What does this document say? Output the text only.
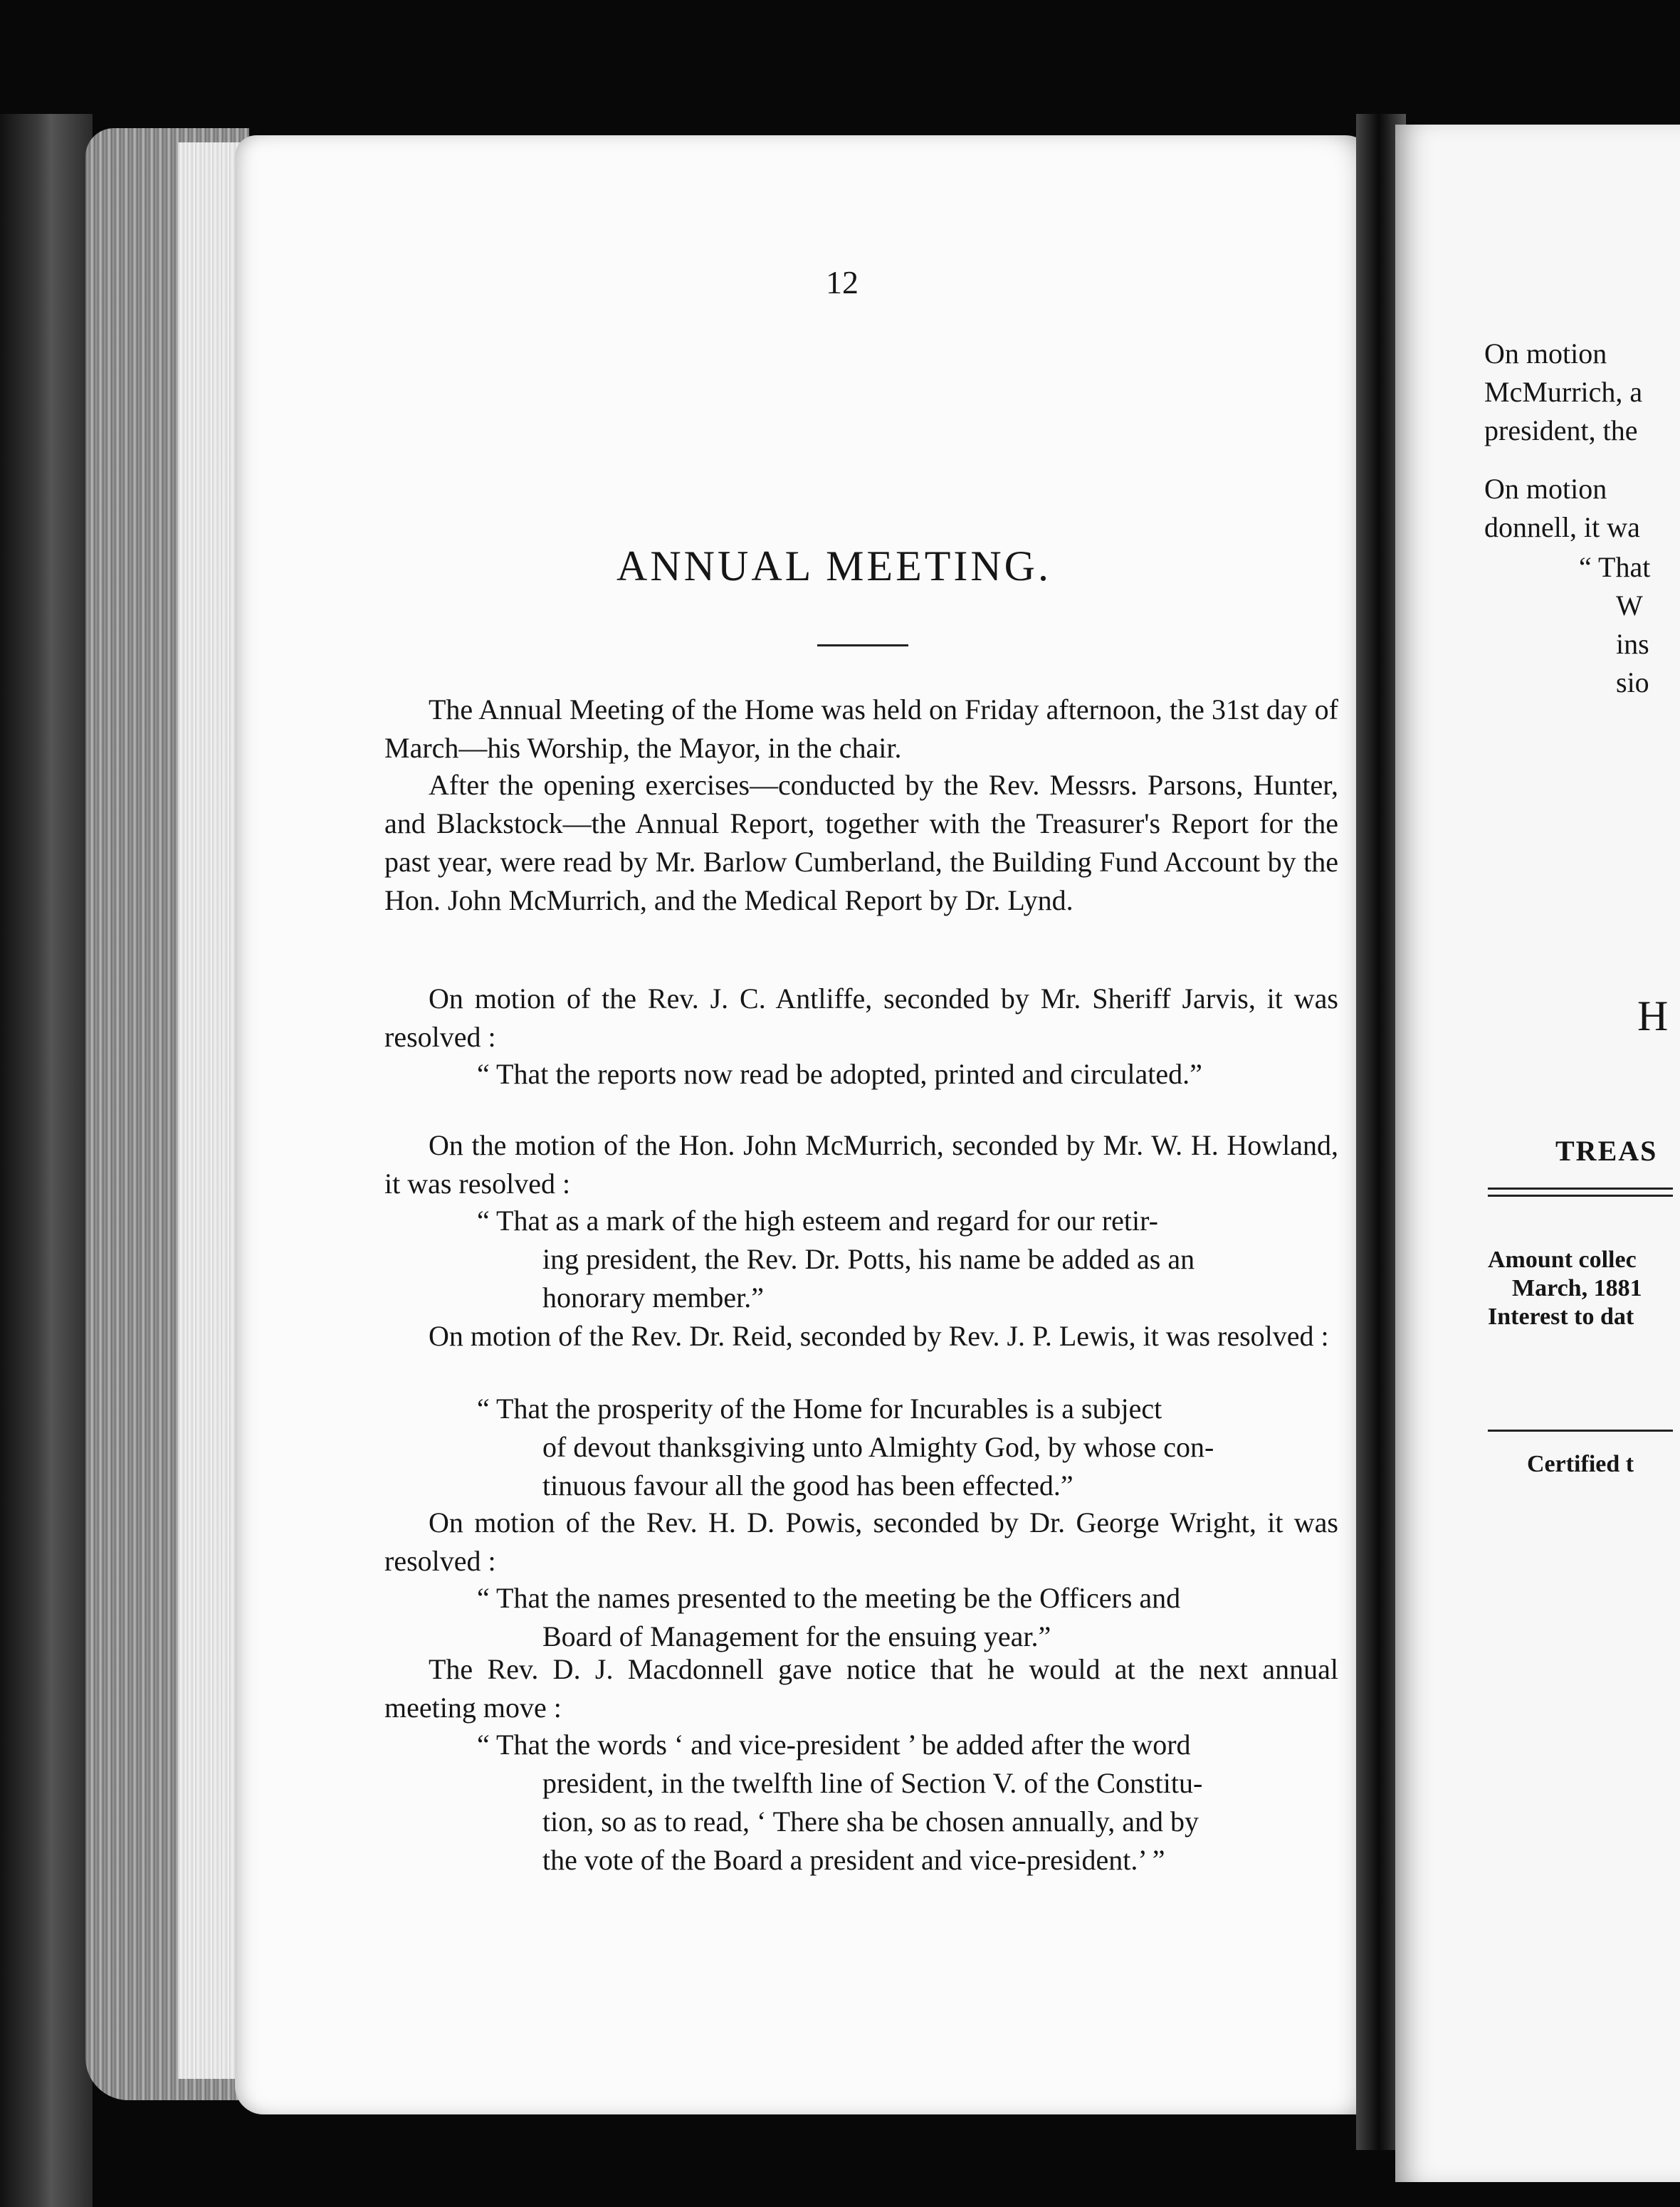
12
ANNUAL MEETING.
The Annual Meeting of the Home was held on Friday afternoon, the 31st day of March—his Worship, the Mayor, in the chair.
After the opening exercises—conducted by the Rev. Messrs. Parsons, Hunter, and Blackstock—the Annual Report, together with the Treasurer's Report for the past year, were read by Mr. Barlow Cumberland, the Building Fund Account by the Hon. John McMurrich, and the Medical Report by Dr. Lynd.
On motion of the Rev. J. C. Antliffe, seconded by Mr. Sheriff Jarvis, it was resolved :
“ That the reports now read be adopted, printed and circulated.”
On the motion of the Hon. John McMurrich, seconded by Mr. W. H. Howland, it was resolved :
“ That as a mark of the high esteem and regard for our retir-
ing president, the Rev. Dr. Potts, his name be added as an
honorary member.”
On motion of the Rev. Dr. Reid, seconded by Rev. J. P. Lewis, it was resolved :
“ That the prosperity of the Home for Incurables is a subject
of devout thanksgiving unto Almighty God, by whose con-
tinuous favour all the good has been effected.”
On motion of the Rev. H. D. Powis, seconded by Dr. George Wright, it was resolved :
“ That the names presented to the meeting be the Officers and
Board of Management for the ensuing year.”
The Rev. D. J. Macdonnell gave notice that he would at the next annual meeting move :
“ That the words ‘ and vice-president ’ be added after the word
president, in the twelfth line of Section V. of the Constitu-
tion, so as to read, ‘ There sha be chosen annually, and by
the vote of the Board a president and vice-president.’ ”
On motion
McMurrich, a
president, the
On motion
donnell, it wa
“ That
W
ins
sio
H
TREAS
Amount collec
March, 1881
Interest to dat
Certified t
